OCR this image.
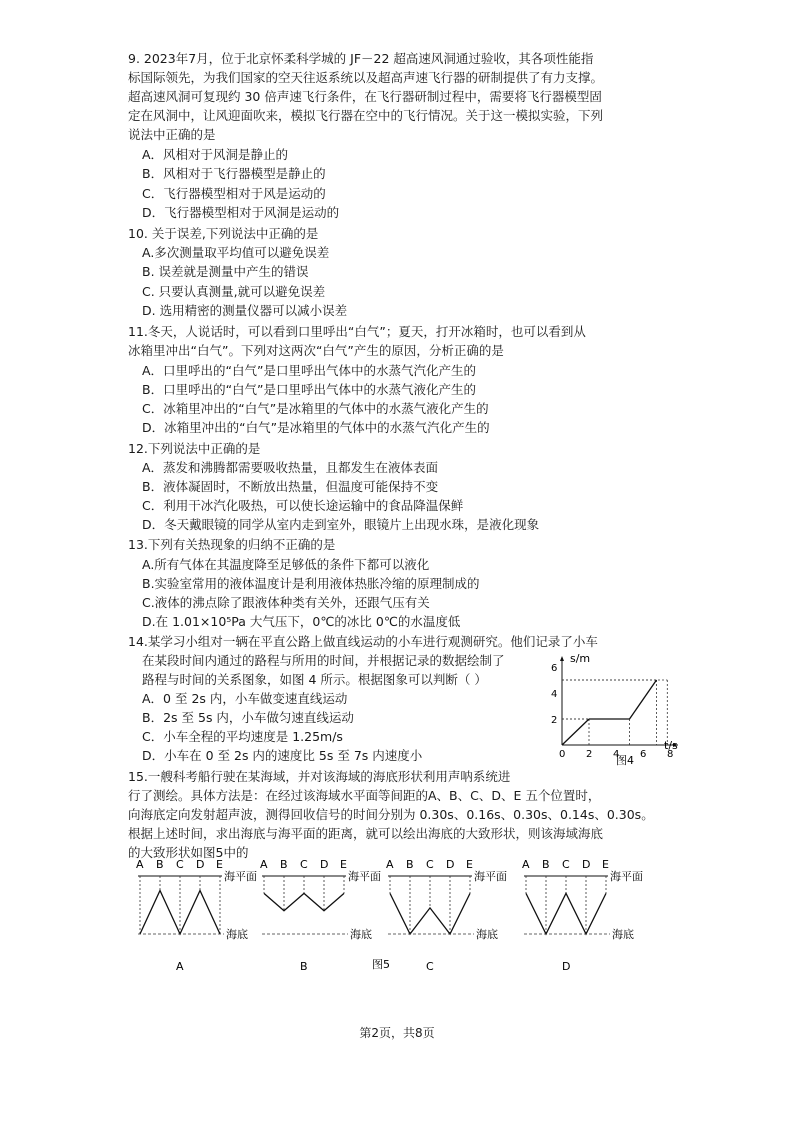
9. 2023年7月，位于北京怀柔科学城的 JF－22 超高速风洞通过验收，其各项性能指
标国际领先，为我们国家的空天往返系统以及超高声速飞行器的研制提供了有力支撑。
超高速风洞可复现约 30 倍声速飞行条件，在飞行器研制过程中，需要将飞行器模型固
定在风洞中，让风迎面吹来，模拟飞行器在空中的飞行情况。关于这一模拟实验，下列
说法中正确的是
A．风相对于风洞是静止的
B．风相对于飞行器模型是静止的
C．飞行器模型相对于风是运动的
D．飞行器模型相对于风洞是运动的
10. 关于误差,下列说法中正确的是
A.多次测量取平均值可以避免误差
B. 误差就是测量中产生的错误
C. 只要认真测量,就可以避免误差
D. 选用精密的测量仪器可以减小误差
11.冬天，人说话时，可以看到口里呼出“白气”；夏天，打开冰箱时，也可以看到从
冰箱里冲出“白气”。下列对这两次“白气”产生的原因，分析正确的是
A．口里呼出的“白气”是口里呼出气体中的水蒸气汽化产生的
B．口里呼出的“白气”是口里呼出气体中的水蒸气液化产生的
C．冰箱里冲出的“白气”是冰箱里的气体中的水蒸气液化产生的
D．冰箱里冲出的“白气”是冰箱里的气体中的水蒸气汽化产生的
12.下列说法中正确的是
A．蒸发和沸腾都需要吸收热量，且都发生在液体表面
B．液体凝固时，不断放出热量，但温度可能保持不变
C．利用干冰汽化吸热，可以使长途运输中的食品降温保鲜
D．冬天戴眼镜的同学从室内走到室外，眼镜片上出现水珠，是液化现象
13.下列有关热现象的归纳不正确的是
A.所有气体在其温度降至足够低的条件下都可以液化
B.实验室常用的液体温度计是利用液体热胀冷缩的原理制成的
C.液体的沸点除了跟液体种类有关外，还跟气压有关
D.在 1.01×10⁵Pa 大气压下，0℃的冰比 0℃的水温度低
14.某学习小组对一辆在平直公路上做直线运动的小车进行观测研究。他们记录了小车
在某段时间内通过的路程与所用的时间，并根据记录的数据绘制了
路程与时间的关系图象，如图 4 所示。根据图象可以判断（ ）
A．0 至 2s 内，小车做变速直线运动
B．2s 至 5s 内，小车做匀速直线运动
C．小车全程的平均速度是 1.25m/s
D．小车在 0 至 2s 内的速度比 5s 至 7s 内速度小	0 2 4 6 8
2
4
6
s/m
t/s
图4
15.一艘科考船行驶在某海域，并对该海域的海底形状利用声呐系统进
行了测绘。具体方法是：在经过该海域水平面等间距的A、B、C、D、E 五个位置时，
向海底定向发射超声波，测得回收信号的时间分别为 0.30s、0.16s、0.30s、0.14s、0.30s。
根据上述时间，求出海底与海平面的距离，就可以绘出海底的大致形状，则该海域海底
的大致形状如图5中的
A B C D E
海平面
海底
A
A B C D E
海平面
海底
B
A B C D E
海平面
海底
C
A B C D E
海平面
海底
D
图5
第2页，共8页
